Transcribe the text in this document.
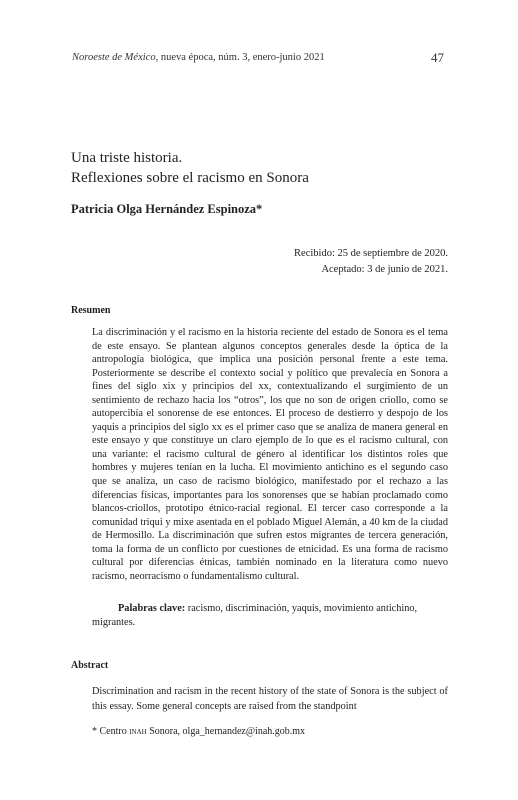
Noroeste de México, nueva época, núm. 3, enero-junio 2021	47
Una triste historia.
Reflexiones sobre el racismo en Sonora
Patricia Olga Hernández Espinoza*
Recibido: 25 de septiembre de 2020.
Aceptado: 3 de junio de 2021.
Resumen

La discriminación y el racismo en la historia reciente del estado de Sonora es el tema de este ensayo. Se plantean algunos conceptos generales desde la óptica de la antropología biológica, que implica una posición personal frente a este tema. Posteriormente se describe el contexto social y político que prevalecía en Sonora a fines del siglo xix y principios del xx, contextualizando el surgimiento de un sentimiento de rechazo hacia los “otros”, los que no son de origen criollo, como se autopercibía el sonorense de ese entonces. El proceso de destierro y despojo de los yaquis a principios del siglo xx es el primer caso que se analiza de manera general en este ensayo y que constituye un claro ejemplo de lo que es el racismo cultural, con una variante: el racismo cultural de género al identificar los distintos roles que hombres y mujeres tenían en la lucha. El movimiento antichino es el segundo caso que se analiza, un caso de racismo biológico, manifestado por el rechazo a las diferencias físicas, importantes para los sonorenses que se habían proclamado como blancos-criollos, prototipo étnico-racial regional. El tercer caso corresponde a la comunidad triqui y mixe asentada en el poblado Miguel Alemán, a 40 km de la ciudad de Hermosillo. La discriminación que sufren estos migrantes de tercera generación, toma la forma de un conflicto por cuestiones de etnicidad. Es una forma de racismo cultural por diferencias étnicas, también nominado en la literatura como nuevo racismo, neorracismo o fundamentalismo cultural.

Palabras clave: racismo, discriminación, yaquis, movimiento antichino, migrantes.
Abstract
Discrimination and racism in the recent history of the state of Sonora is the subject of this essay. Some general concepts are raised from the standpoint
* Centro inah Sonora, olga_hernandez@inah.gob.mx
